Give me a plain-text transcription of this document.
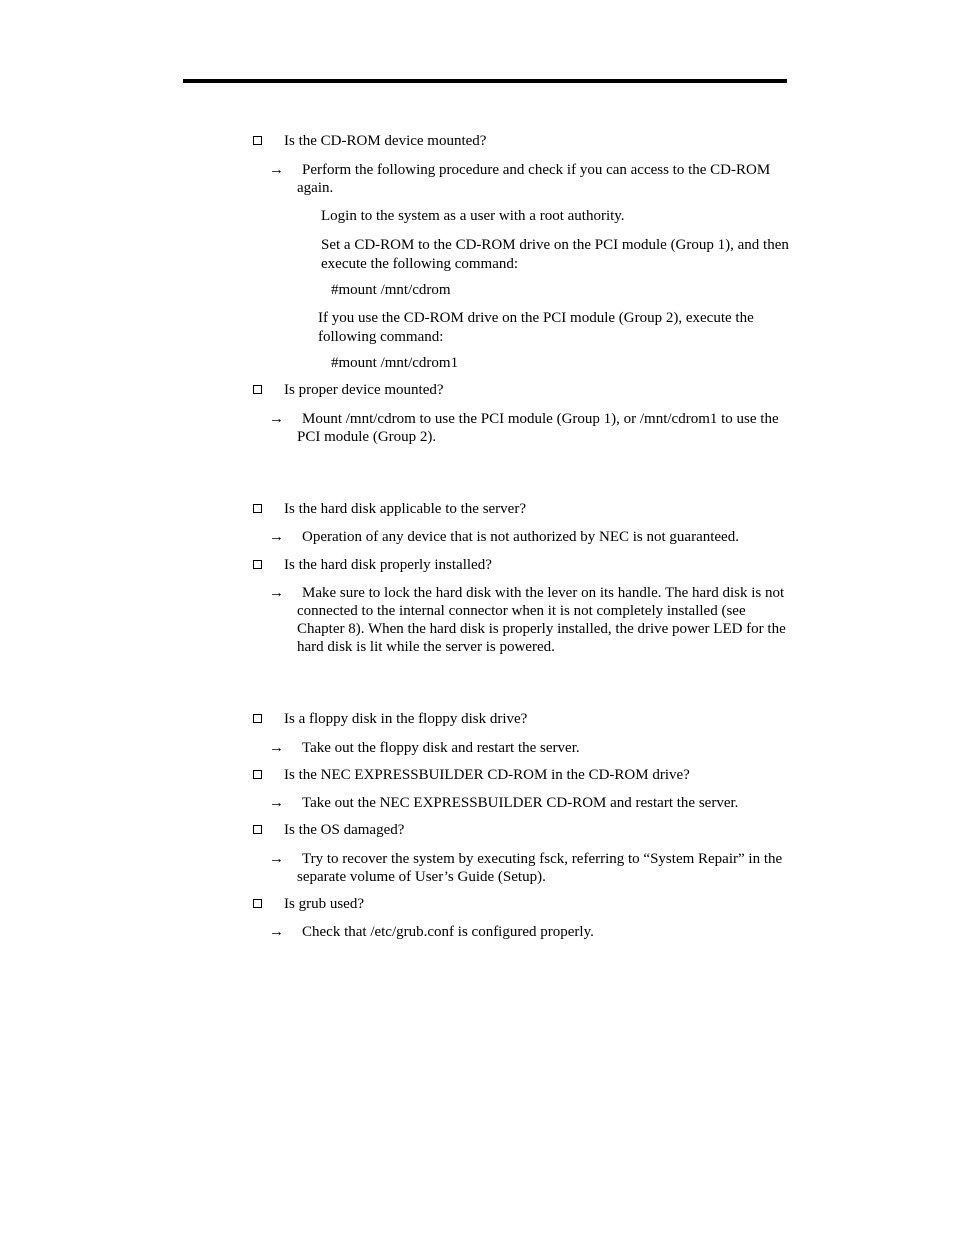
Is the CD-ROM device mounted?
→	Perform the following procedure and check if you can access to the CD-ROM
again.
Login to the system as a user with a root authority.
Set a CD-ROM to the CD-ROM drive on the PCI module (Group 1), and then
execute the following command:
#mount /mnt/cdrom
If you use the CD-ROM drive on the PCI module (Group 2), execute the
following command:
#mount /mnt/cdrom1
Is proper device mounted?
→	Mount /mnt/cdrom to use the PCI module (Group 1), or /mnt/cdrom1 to use the
PCI module (Group 2).
Is the hard disk applicable to the server?
→	Operation of any device that is not authorized by NEC is not guaranteed.
Is the hard disk properly installed?
→	Make sure to lock the hard disk with the lever on its handle. The hard disk is not
connected to the internal connector when it is not completely installed (see
Chapter 8). When the hard disk is properly installed, the drive power LED for the
hard disk is lit while the server is powered.
Is a floppy disk in the floppy disk drive?
→	Take out the floppy disk and restart the server.
Is the NEC EXPRESSBUILDER CD-ROM in the CD-ROM drive?
→	Take out the NEC EXPRESSBUILDER CD-ROM and restart the server.
Is the OS damaged?
→	Try to recover the system by executing fsck, referring to “System Repair” in the
separate volume of User’s Guide (Setup).
Is grub used?
→	Check that /etc/grub.conf is configured properly.
